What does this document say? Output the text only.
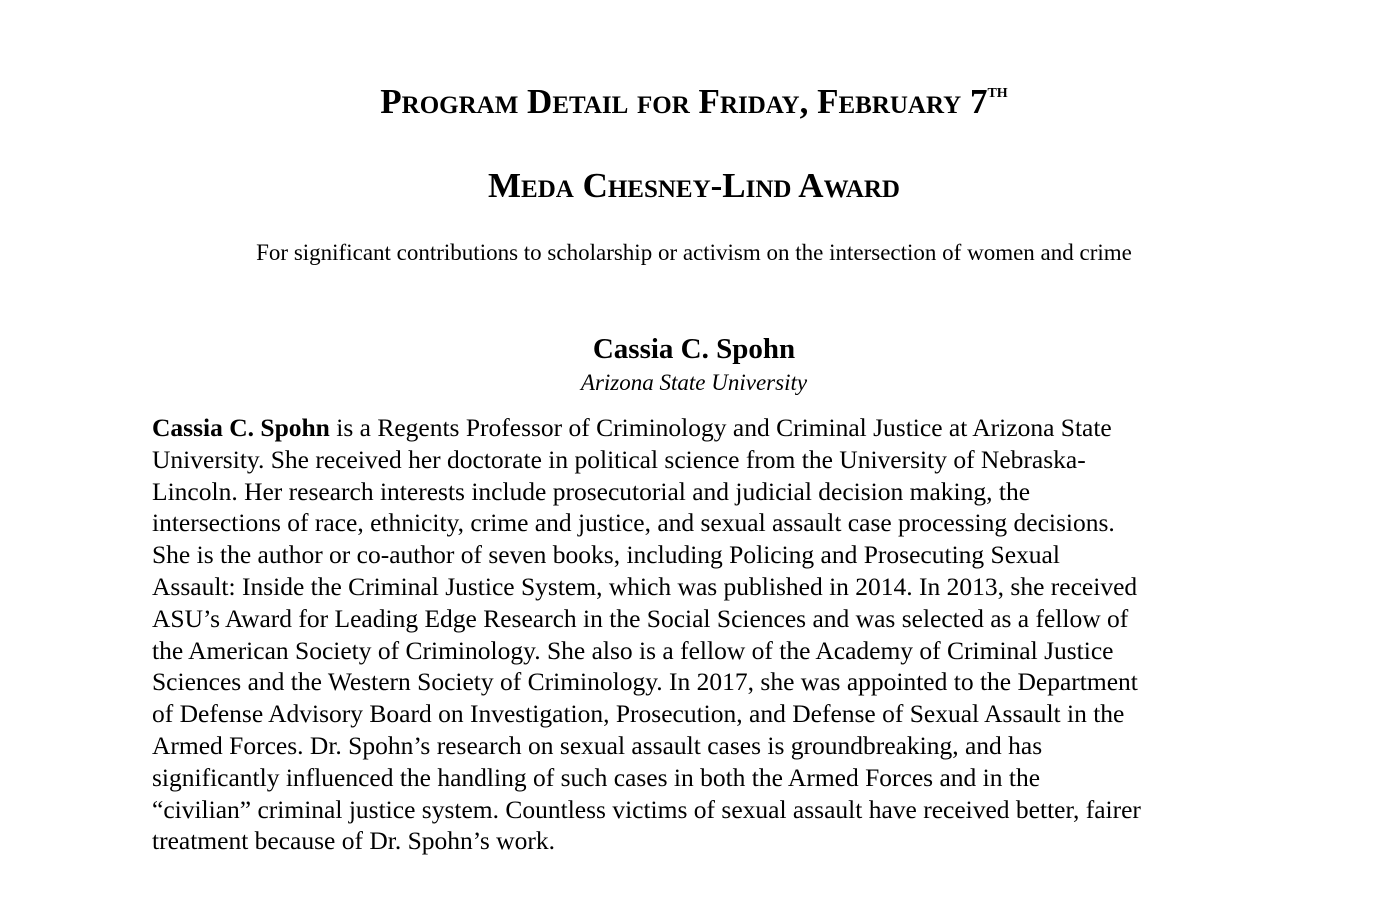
Program Detail for Friday, February 7th
Meda Chesney-Lind Award
For significant contributions to scholarship or activism on the intersection of women and crime
Cassia C. Spohn
Arizona State University
Cassia C. Spohn is a Regents Professor of Criminology and Criminal Justice at Arizona State
University. She received her doctorate in political science from the University of Nebraska-
Lincoln. Her research interests include prosecutorial and judicial decision making, the
intersections of race, ethnicity, crime and justice, and sexual assault case processing decisions.
She is the author or co-author of seven books, including Policing and Prosecuting Sexual
Assault: Inside the Criminal Justice System, which was published in 2014. In 2013, she received
ASU’s Award for Leading Edge Research in the Social Sciences and was selected as a fellow of
the American Society of Criminology. She also is a fellow of the Academy of Criminal Justice
Sciences and the Western Society of Criminology. In 2017, she was appointed to the Department
of Defense Advisory Board on Investigation, Prosecution, and Defense of Sexual Assault in the
Armed Forces. Dr. Spohn’s research on sexual assault cases is groundbreaking, and has
significantly influenced the handling of such cases in both the Armed Forces and in the
“civilian” criminal justice system. Countless victims of sexual assault have received better, fairer
treatment because of Dr. Spohn’s work.
